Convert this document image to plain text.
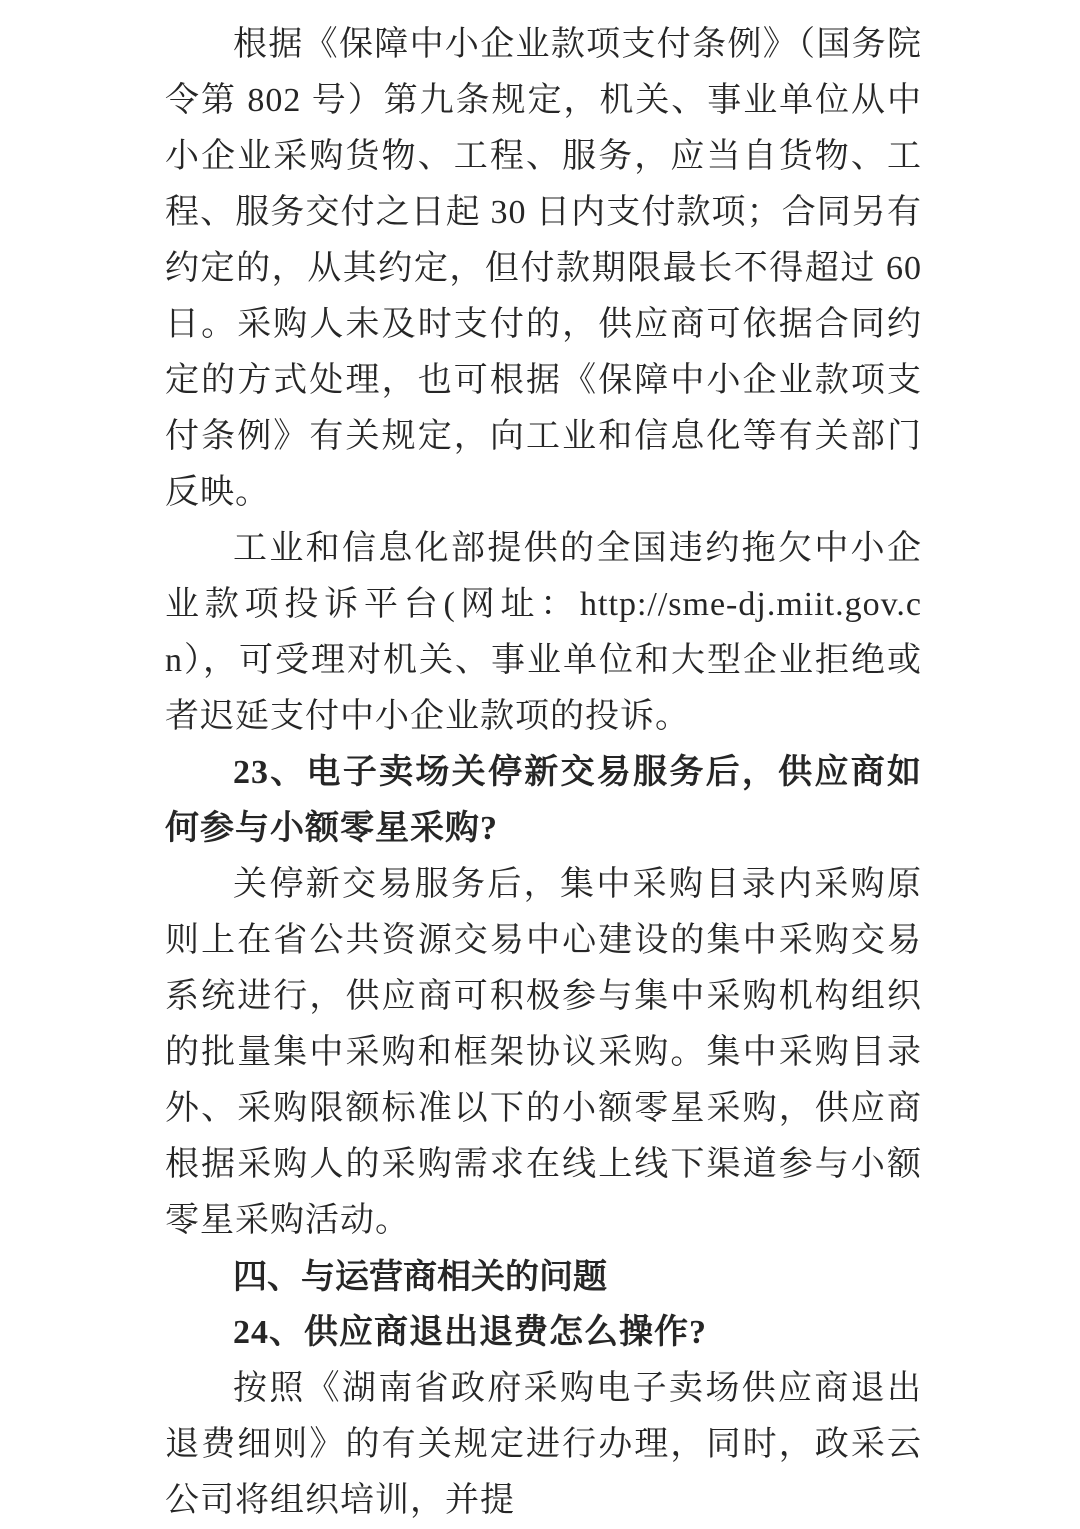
根据《保障中小企业款项支付条例》（国务院令第 802 号）第九条规定，机关、事业单位从中小企业采购货物、工程、服务，应当自货物、工程、服务交付之日起 30 日内支付款项；合同另有约定的，从其约定，但付款期限最长不得超过 60 日。采购人未及时支付的，供应商可依据合同约定的方式处理，也可根据《保障中小企业款项支付条例》有关规定，向工业和信息化等有关部门反映。

工业和信息化部提供的全国违约拖欠中小企业款项投诉平台(网址：http://sme-dj.miit.gov.cn），可受理对机关、事业单位和大型企业拒绝或者迟延支付中小企业款项的投诉。

23、电子卖场关停新交易服务后，供应商如何参与小额零星采购?

关停新交易服务后，集中采购目录内采购原则上在省公共资源交易中心建设的集中采购交易系统进行，供应商可积极参与集中采购机构组织的批量集中采购和框架协议采购。集中采购目录外、采购限额标准以下的小额零星采购，供应商根据采购人的采购需求在线上线下渠道参与小额零星采购活动。

四、与运营商相关的问题

24、供应商退出退费怎么操作?

按照《湖南省政府采购电子卖场供应商退出退费细则》的有关规定进行办理，同时，政采云公司将组织培训，并提
